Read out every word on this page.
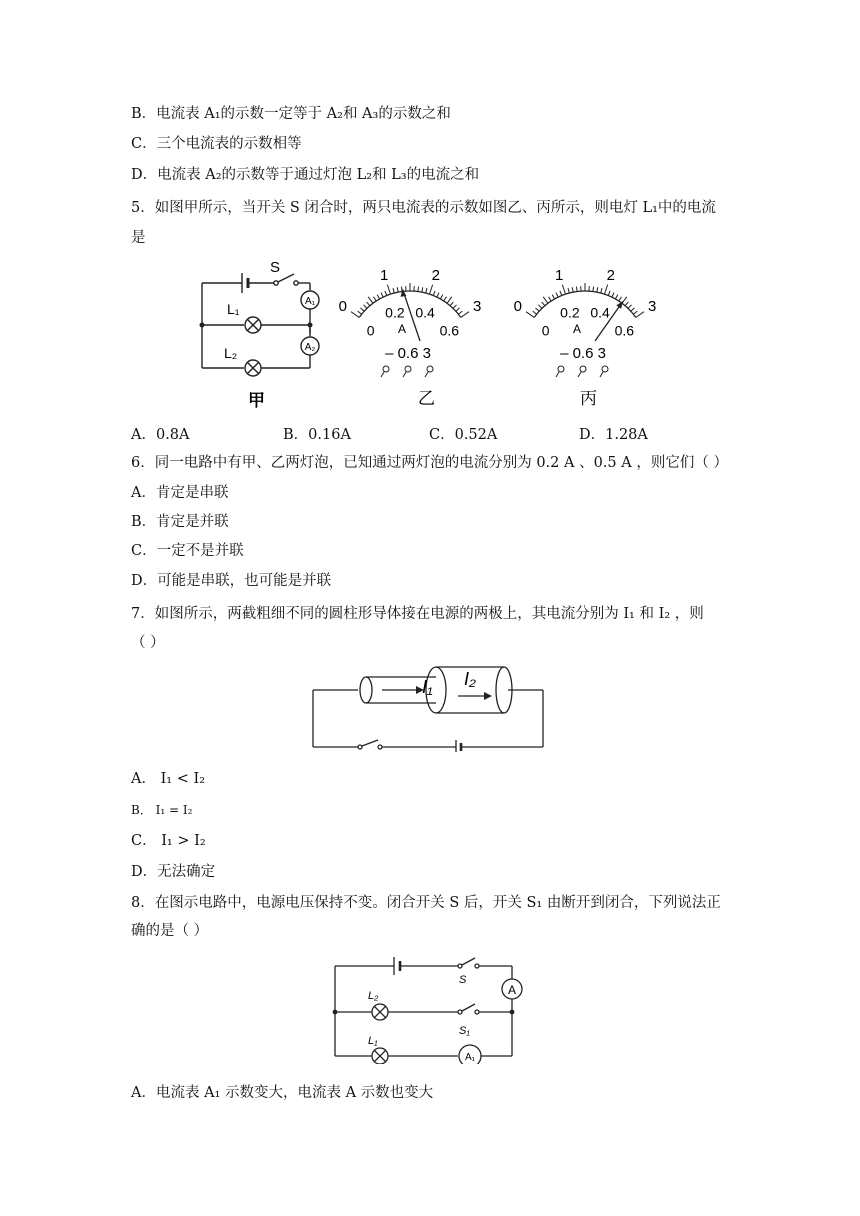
B．电流表 A₁的示数一定等于 A₂和 A₃的示数之和
C．三个电流表的示数相等
D．电流表 A₂的示数等于通过灯泡 L₂和 L₃的电流之和
5．如图甲所示，当开关 S 闭合时，两只电流表的示数如图乙、丙所示，则电灯 L₁中的电流
是
S
L₁
L₂
A₁
A₂
甲
0
1	2
3
0
0.2 0.4
0.6
A
– 0.6 3
0
1	2
3
0
0.2 0.4
0.6
A
– 0.6 3
乙	丙
A．0.8A	B．0.16A	C．0.52A	D．1.28A
6．同一电路中有甲、乙两灯泡，已知通过两灯泡的电流分别为 0.2 A 、0.5 A ，则它们（ ）
A．肯定是串联
B．肯定是并联
C．一定不是并联
D．可能是串联，也可能是并联
7．如图所示，两截粗细不同的圆柱形导体接在电源的两极上，其电流分别为 I₁ 和 I₂ ，则
（ ）
I₁ I₂
A． I₁ < I₂
B． I₁ = I₂
C． I₁ > I₂
D．无法确定
8．在图示电路中，电源电压保持不变。闭合开关 S 后，开关 S₁ 由断开到闭合，下列说法正
确的是（ ）
S
S₁
L₂
L₁
A
A₁
A．电流表 A₁ 示数变大，电流表 A 示数也变大
